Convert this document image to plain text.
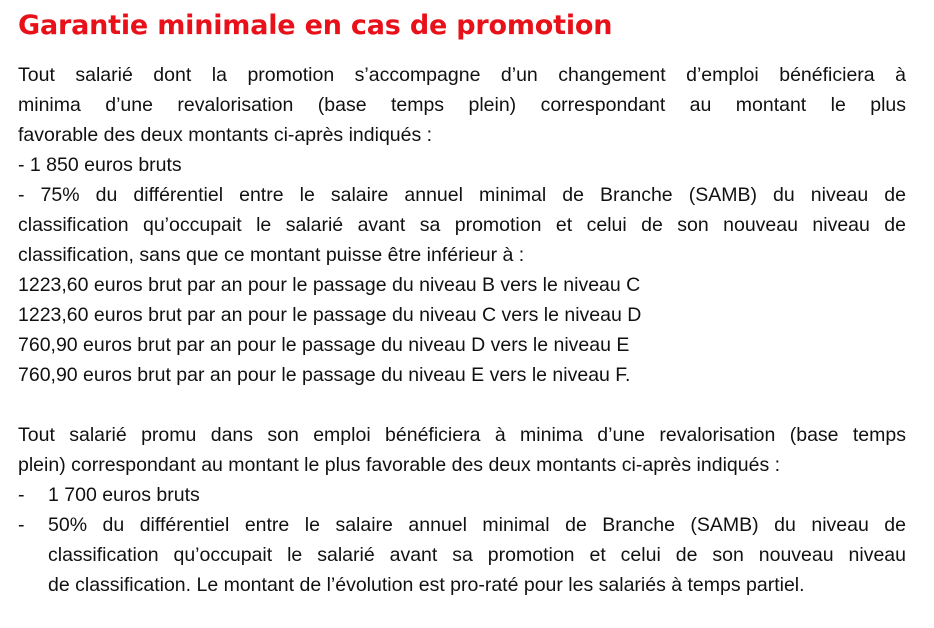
Garantie minimale en cas de promotion
Tout salarié dont la promotion s’accompagne d’un changement d’emploi bénéficiera à
minima d’une revalorisation (base temps plein) correspondant au montant le plus
favorable des deux montants ci-après indiqués :
- 1 850 euros bruts
- 75% du différentiel entre le salaire annuel minimal de Branche (SAMB) du niveau de
classification qu’occupait le salarié avant sa promotion et celui de son nouveau niveau de
classification, sans que ce montant puisse être inférieur à :
1223,60 euros brut par an pour le passage du niveau B vers le niveau C
1223,60 euros brut par an pour le passage du niveau C vers le niveau D
760,90 euros brut par an pour le passage du niveau D vers le niveau E
760,90 euros brut par an pour le passage du niveau E vers le niveau F.
Tout salarié promu dans son emploi bénéficiera à minima d’une revalorisation (base temps
plein) correspondant au montant le plus favorable des deux montants ci-après indiqués :
- 1 700 euros bruts
- 50% du différentiel entre le salaire annuel minimal de Branche (SAMB) du niveau de
classification qu’occupait le salarié avant sa promotion et celui de son nouveau niveau
de classification. Le montant de l’évolution est pro-raté pour les salariés à temps partiel.
